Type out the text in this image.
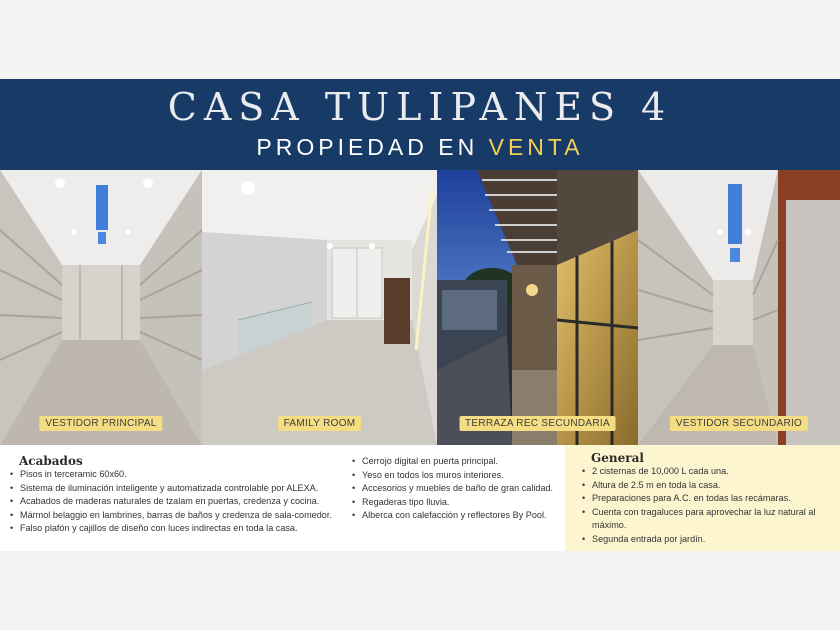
CASA TULIPANES 4
PROPIEDAD EN VENTA
VESTIDOR PRINCIPAL	FAMILY ROOM	TERRAZA REC SECUNDARIA	VESTIDOR SECUNDARIO
Acabados
• Pisos in terceramic 60x60.
• Sistema de iluminación inteligente y automatizada controlable por ALEXA.
• Acabados de maderas naturales de tzalam en puertas, credenza y cocina.
• Mármol belaggio en lambrines, barras de baños y credenza de sala-comedor.
• Falso plafón y cajillos de diseño con luces indirectas en toda la casa.
• Cerrojo digital en puerta principal.
• Yeso en todos los muros interiores.
• Accesorios y muebles de baño de gran calidad.
• Regaderas tipo lluvia.
• Alberca con calefacción y reflectores By Pool.
General
• 2 cisternas de 10,000 L cada una.
• Altura de 2.5 m en toda la casa.
• Preparaciones para A.C. en todas las recámaras.
• Cuenta con tragaluces para aprovechar la luz natural al máximo.
• Segunda entrada por jardín.
